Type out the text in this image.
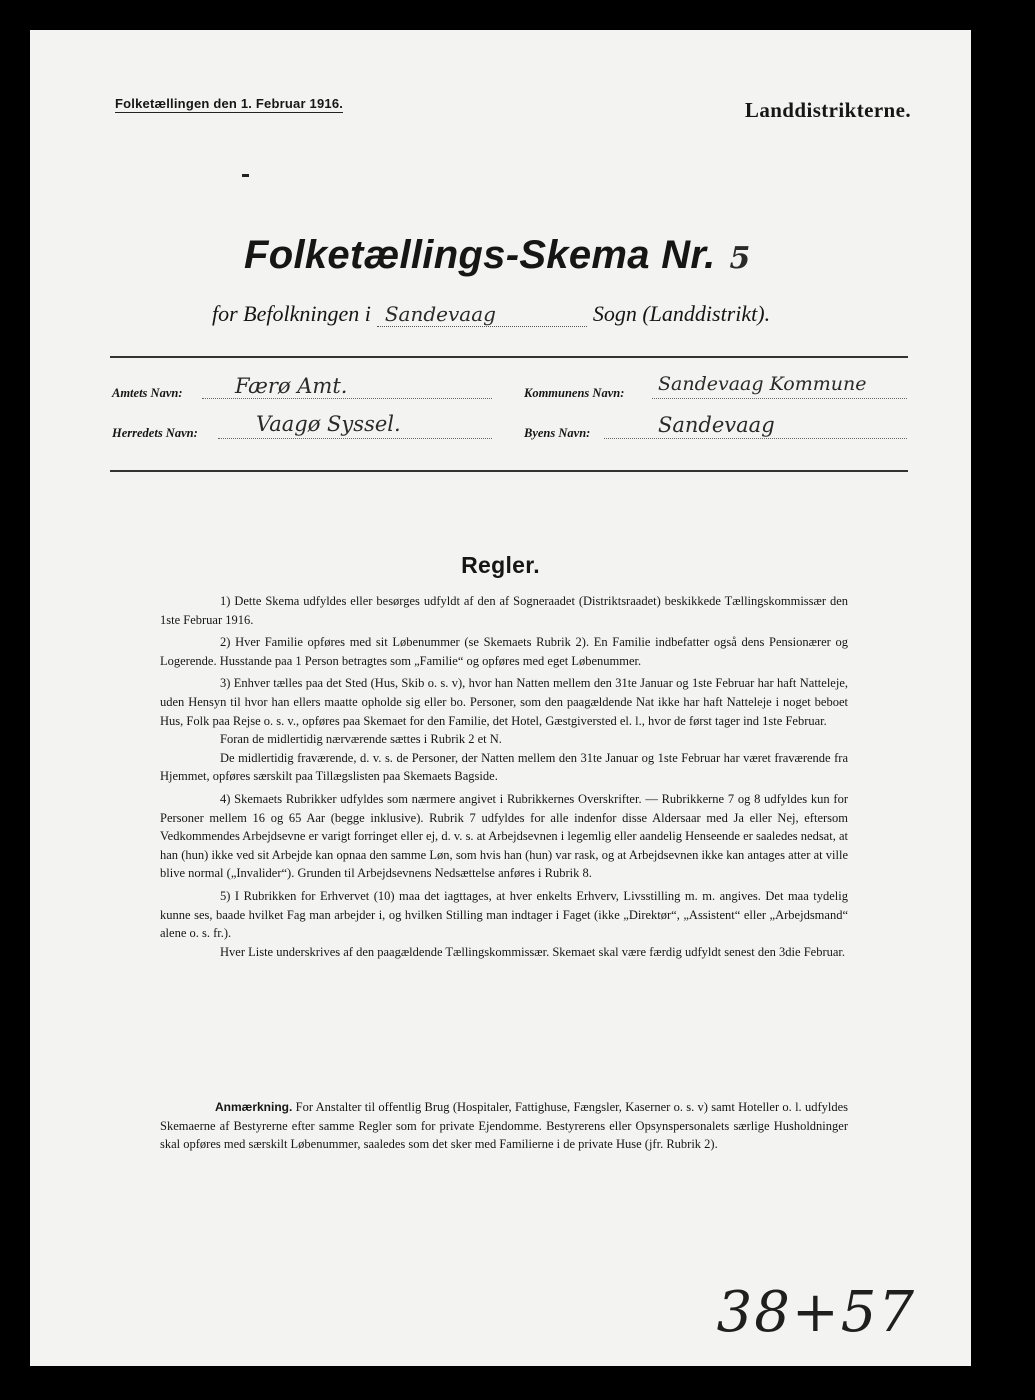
Folketællingen den 1. Februar 1916.	Landdistrikterne.
Folketællings-Skema Nr. 5
for Befolkningen i Sandevaag	Sogn (Landdistrikt).
Amtets Navn:	Færø Amt.	Kommunens Navn: Sandevaag Kommune
Herredets Navn:	Vaagø Syssel.	Byens Navn:	Sandevaag
Regler.

1) Dette Skema udfyldes eller besørges udfyldt af den af Sogneraadet (Distriktsraadet) beskikkede Tællingskommissær den 1ste Februar 1916.

2) Hver Familie opføres med sit Løbenummer (se Skemaets Rubrik 2). En Familie indbefatter også dens Pensionærer og Logerende. Husstande paa 1 Person betragtes som „Familie“ og opføres med eget Løbenummer.

3) Enhver tælles paa det Sted (Hus, Skib o. s. v), hvor han Natten mellem den 31te Januar og 1ste Februar har haft Natteleje, uden Hensyn til hvor han ellers maatte opholde sig eller bo. Personer, som den paagældende Nat ikke har haft Natteleje i noget beboet Hus, Folk paa Rejse o. s. v., opføres paa Skemaet for den Familie, det Hotel, Gæstgiversted el. l., hvor de først tager ind 1ste Februar.

Foran de midlertidig nærværende sættes i Rubrik 2 et N.

De midlertidig fraværende, d. v. s. de Personer, der Natten mellem den 31te Januar og 1ste Februar har været fraværende fra Hjemmet, opføres særskilt paa Tillægslisten paa Skemaets Bagside.

4) Skemaets Rubrikker udfyldes som nærmere angivet i Rubrikkernes Overskrifter. — Rubrikkerne 7 og 8 udfyldes kun for Personer mellem 16 og 65 Aar (begge inklusive). Rubrik 7 udfyldes for alle indenfor disse Aldersaar med Ja eller Nej, eftersom Vedkommendes Arbejdsevne er varigt forringet eller ej, d. v. s. at Arbejdsevnen i legemlig eller aandelig Henseende er saaledes nedsat, at han (hun) ikke ved sit Arbejde kan opnaa den samme Løn, som hvis han (hun) var rask, og at Arbejdsevnen ikke kan antages atter at ville blive normal („Invalider“). Grunden til Arbejdsevnens Nedsættelse anføres i Rubrik 8.

5) I Rubrikken for Erhvervet (10) maa det iagttages, at hver enkelts Erhverv, Livsstilling m. m. angives. Det maa tydelig kunne ses, baade hvilket Fag man arbejder i, og hvilken Stilling man indtager i Faget (ikke „Direktør“, „Assistent“ eller „Arbejdsmand“ alene o. s. fr.).

Hver Liste underskrives af den paagældende Tællingskommissær. Skemaet skal være færdig udfyldt senest den 3die Februar.

Anmærkning. For Anstalter til offentlig Brug (Hospitaler, Fattighuse, Fængsler, Kaserner o. s. v) samt Hoteller o. l. udfyldes Skemaerne af Bestyrerne efter samme Regler som for private Ejendomme. Bestyrerens eller Opsynspersonalets særlige Husholdninger skal opføres med særskilt Løbenummer, saaledes som det sker med Familierne i de private Huse (jfr. Rubrik 2).
38+57
